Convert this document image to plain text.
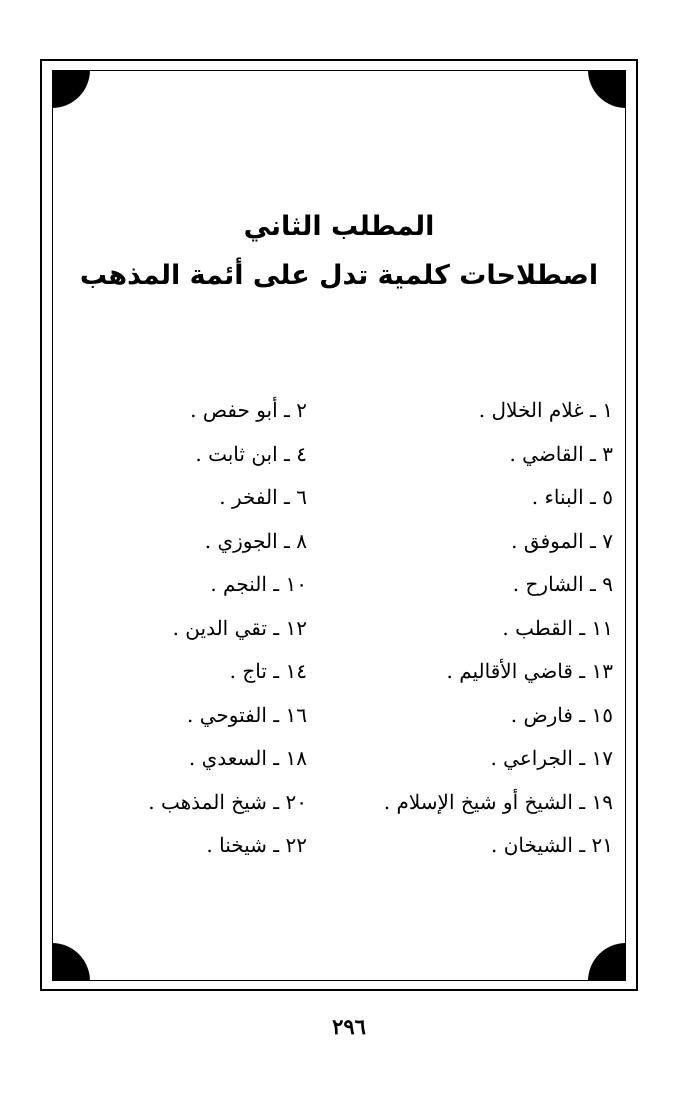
المطلب الثاني
اصطلاحات كلمية تدل على أئمة المذهب
١ ـ غلام الخلال .
٢ ـ أبو حفص .
٣ ـ القاضي .
٤ ـ ابن ثابت .
٥ ـ البناء .
٦ ـ الفخر .
٧ ـ الموفق .
٨ ـ الجوزي .
٩ ـ الشارح .
١٠ ـ النجم .
١١ ـ القطب .
١٢ ـ تقي الدين .
١٣ ـ قاضي الأقاليم .
١٤ ـ تاج .
١٥ ـ فارض .
١٦ ـ الفتوحي .
١٧ ـ الجراعي .
١٨ ـ السعدي .
١٩ ـ الشيخ أو شيخ الإسلام .
٢٠ ـ شيخ المذهب .
٢١ ـ الشيخان .
٢٢ ـ شيخنا .

٢٩٦
